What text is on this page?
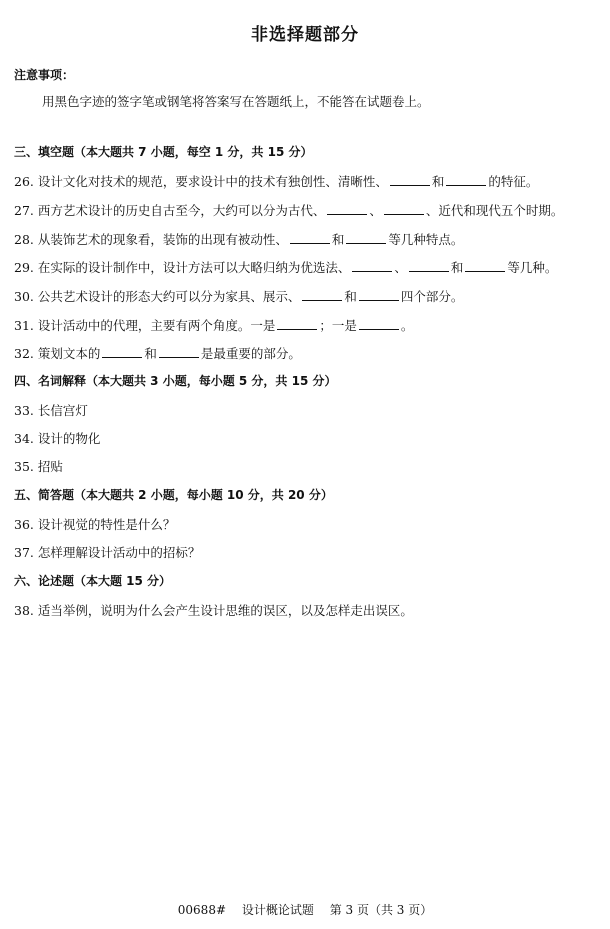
非选择题部分
注意事项：
用黑色字迹的签字笔或钢笔将答案写在答题纸上，不能答在试题卷上。
三、填空题（本大题共 7 小题，每空 1 分，共 15 分）
26. 设计文化对技术的规范，要求设计中的技术有独创性、清晰性、	和	的特征。
27. 西方艺术设计的历史自古至今，大约可以分为古代、	、	、近代和现代五个时期。
28. 从装饰艺术的现象看，装饰的出现有被动性、	和	等几种特点。
29. 在实际的设计制作中，设计方法可以大略归纳为优选法、	、	和	等几种。
30. 公共艺术设计的形态大约可以分为家具、展示、	和	四个部分。
31. 设计活动中的代理，主要有两个角度。一是	；一是	。
32. 策划文本的	和	是最重要的部分。
四、名词解释（本大题共 3 小题，每小题 5 分，共 15 分）
33. 长信宫灯
34. 设计的物化
35. 招贴
五、简答题（本大题共 2 小题，每小题 10 分，共 20 分）
36. 设计视觉的特性是什么？
37. 怎样理解设计活动中的招标？
六、论述题（本大题 15 分）
38. 适当举例，说明为什么会产生设计思维的误区，以及怎样走出误区。
00688# 设计概论试题 第 3 页（共 3 页）
